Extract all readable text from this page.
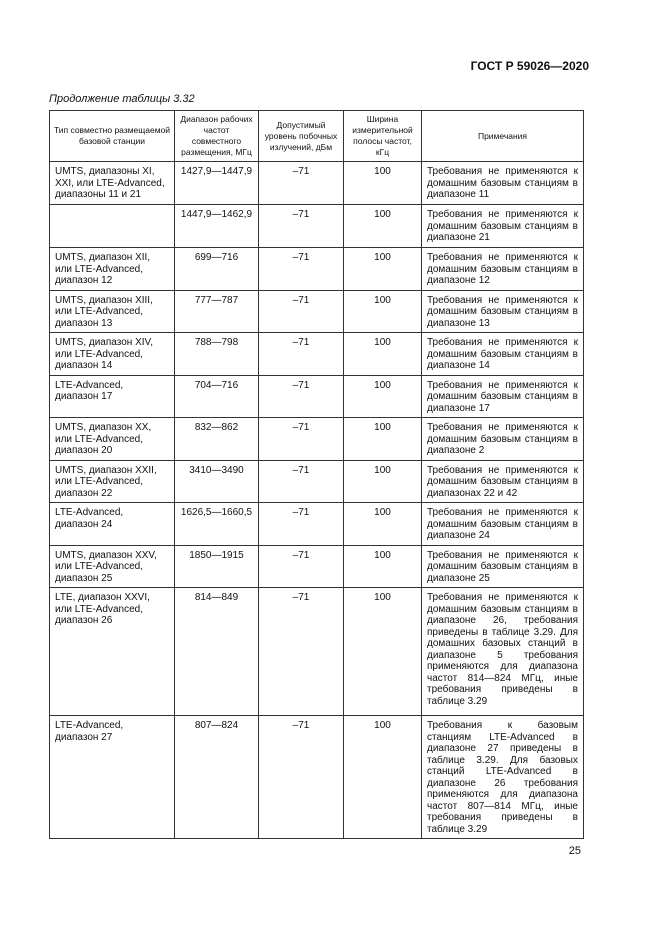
ГОСТ Р 59026—2020
Продолжение таблицы 3.32
Тип совместно размещаемой базовой станции	Диапазон рабочих частот совместного размещения, МГц	Допустимый уровень побочных излучений, дБм	Ширина измерительной полосы частот, кГц	Примечания
UMTS, диапазоны XI, XXI, или LTE-Advanced, диапазоны 11 и 21	1427,9—1447,9	–71	100	Требования не применяются к домашним базовым станциям в диапазоне 11
	1447,9—1462,9	–71	100	Требования не применяются к домашним базовым станциям в диапазоне 21
UMTS, диапазон XII, или LTE-Advanced, диапазон 12	699—716	–71	100	Требования не применяются к домашним базовым станциям в диапазоне 12
UMTS, диапазон XIII, или LTE-Advanced, диапазон 13	777—787	–71	100	Требования не применяются к домашним базовым станциям в диапазоне 13
UMTS, диапазон XIV, или LTE-Advanced, диапазон 14	788—798	–71	100	Требования не применяются к домашним базовым станциям в диапазоне 14
LTE-Advanced, диапазон 17	704—716	–71	100	Требования не применяются к домашним базовым станциям в диапазоне 17
UMTS, диапазон XX, или LTE-Advanced, диапазон 20	832—862	–71	100	Требования не применяются к домашним базовым станциям в диапазоне 2
UMTS, диапазон XXII, или LTE-Advanced, диапазон 22	3410—3490	–71	100	Требования не применяются к домашним базовым станциям в диапазонах 22 и 42
LTE-Advanced, диапазон 24	1626,5—1660,5	–71	100	Требования не применяются к домашним базовым станциям в диапазоне 24
UMTS, диапазон XXV, или LTE-Advanced, диапазон 25	1850—1915	–71	100	Требования не применяются к домашним базовым станциям в диапазоне 25
LTE, диапазон XXVI, или LTE-Advanced, диапазон 26	814—849	–71	100	Требования не применяются к домашним базовым станциям в диапазоне 26, требования приведены в таблице 3.29. Для домашних базовых станций в диапазоне 5 требования применяются для диапазона частот 814—824 МГц, иные требования приведены в таблице 3.29
LTE-Advanced, диапазон 27	807—824	–71	100	Требования к базовым станциям LTE-Advanced в диапазоне 27 приведены в таблице 3.29. Для базовых станций LTE-Advanced в диапазоне 26 требования применяются для диапазона частот 807—814 МГц, иные требования приведены в таблице 3.29
25
